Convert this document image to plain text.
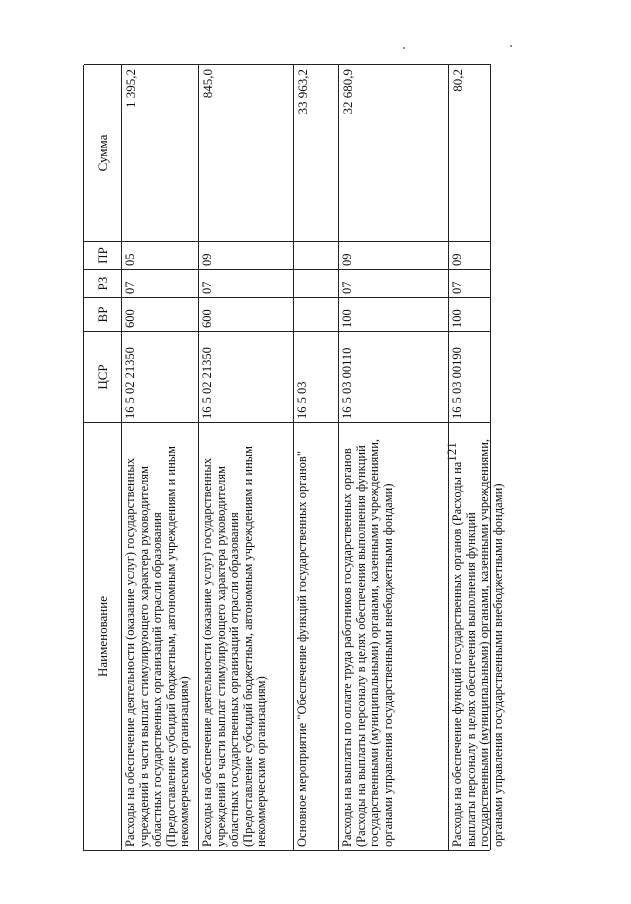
121
Наименование
ЦСР
ВР
РЗ
ПР
Сумма
Расходы на обеспечение деятельности (оказание услуг) государственных учреждений в части выплат стимулирующего характера руководителям областных государственных организаций отрасли образования (Предоставление субсидий бюджетным, автономным учреждениям и иным некоммерческим организациям)
16 5 02 21350
600
07
05
1 395,2
Расходы на обеспечение деятельности (оказание услуг) государственных учреждений в части выплат стимулирующего характера руководителям областных государственных организаций отрасли образования (Предоставление субсидий бюджетным, автономным учреждениям и иным некоммерческим организациям)
16 5 02 21350
600
07
09
845,0
Основное мероприятие "Обеспечение функций государственных органов"
16 5 03
33 963,2
Расходы на выплаты по оплате труда работников государственных органов (Расходы на выплаты персоналу в целях обеспечения выполнения функций государственными (муниципальными) органами, казенными учреждениями, органами управления государственными внебюджетными фондами)
16 5 03 00110
100
07
09
32 680,9
Расходы на обеспечение функций государственных органов (Расходы на выплаты персоналу в целях обеспечения выполнения функций государственными (муниципальными) органами, казенными учреждениями, органами управления государственными внебюджетными фондами)
16 5 03 00190
100
07
09
80,2
